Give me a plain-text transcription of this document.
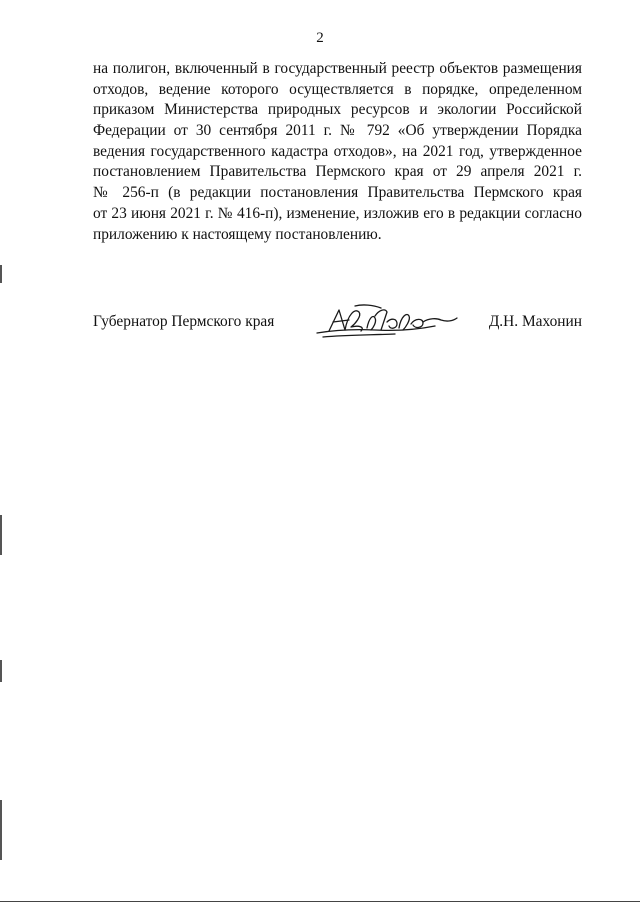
2
на полигон, включенный в государственный реестр объектов размещения
отходов, ведение которого осуществляется в порядке, определенном
приказом Министерства природных ресурсов и экологии Российской
Федерации от 30 сентября 2011 г. № 792 «Об утверждении Порядка
ведения государственного кадастра отходов», на 2021 год, утвержденное
постановлением Правительства Пермского края от 29 апреля 2021 г.
№ 256-п (в редакции постановления Правительства Пермского края
от 23 июня 2021 г. № 416-п), изменение, изложив его в редакции согласно
приложению к настоящему постановлению.
Губернатор Пермского края	Д.Н. Махонин
